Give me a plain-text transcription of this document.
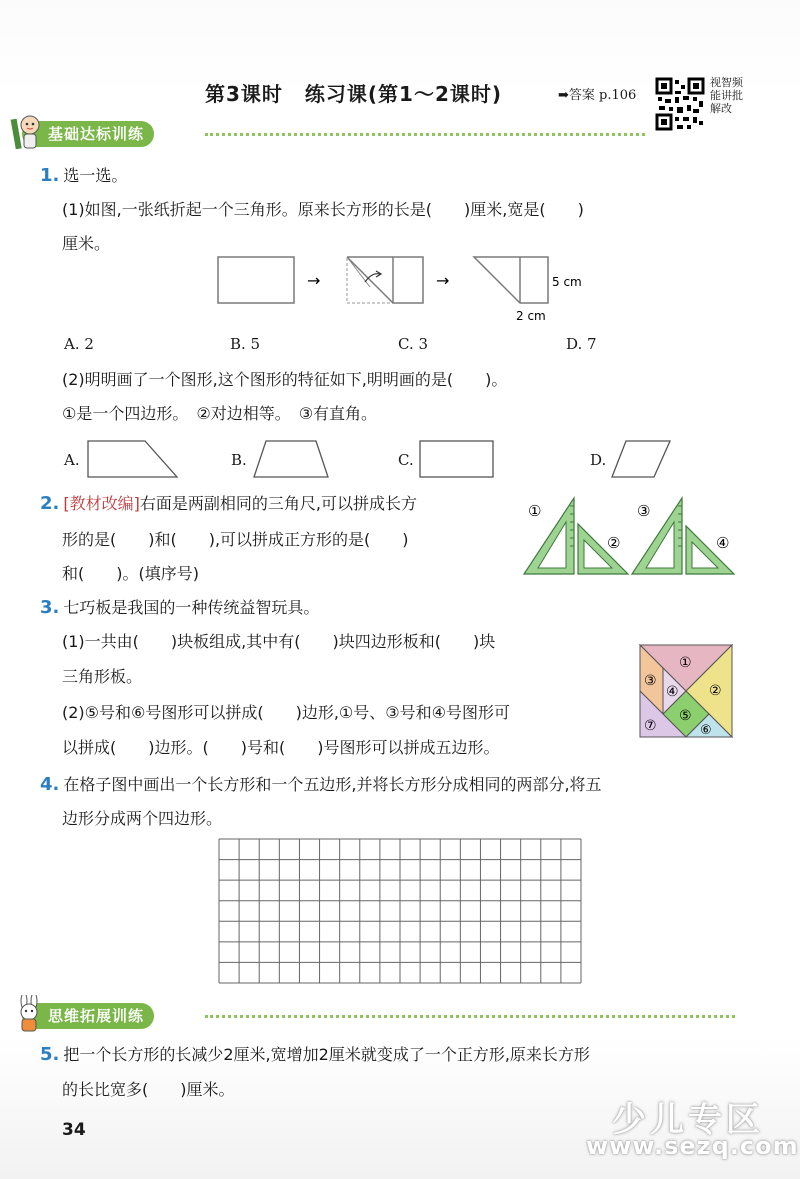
第3课时 练习课(第1～2课时)	➡答案 p.106
视智频能讲批解改
基础达标训练
1. 选一选。
(1)如图,一张纸折起一个三角形。原来长方形的长是(　　)厘米,宽是(　　)
厘米。
→	→	5 cm
2 cm
A. 2	B. 5	C. 3	D. 7
(2)明明画了一个图形,这个图形的特征如下,明明画的是(　　)。
①是一个四边形。　②对边相等。　③有直角。
A.	B.	C.	D.
2. [教材改编]右面是两副相同的三角尺,可以拼成长方
形的是(　　)和(　　),可以拼成正方形的是(　　)
和(　　)。(填序号)
①
②
③
④
3. 七巧板是我国的一种传统益智玩具。
(1)一共由(　　)块板组成,其中有(　　)块四边形板和(　　)块
三角形板。
(2)⑤号和⑥号图形可以拼成(　　)边形,①号、③号和④号图形可
以拼成(　　)边形。(　　)号和(　　)号图形可以拼成五边形。
①
②
③
④
⑤
⑥
⑦
4. 在格子图中画出一个长方形和一个五边形,并将长方形分成相同的两部分,将五
边形分成两个四边形。
思维拓展训练
5. 把一个长方形的长减少2厘米,宽增加2厘米就变成了一个正方形,原来长方形
的长比宽多(　　)厘米。
34	少儿专区
www.sezq.com
